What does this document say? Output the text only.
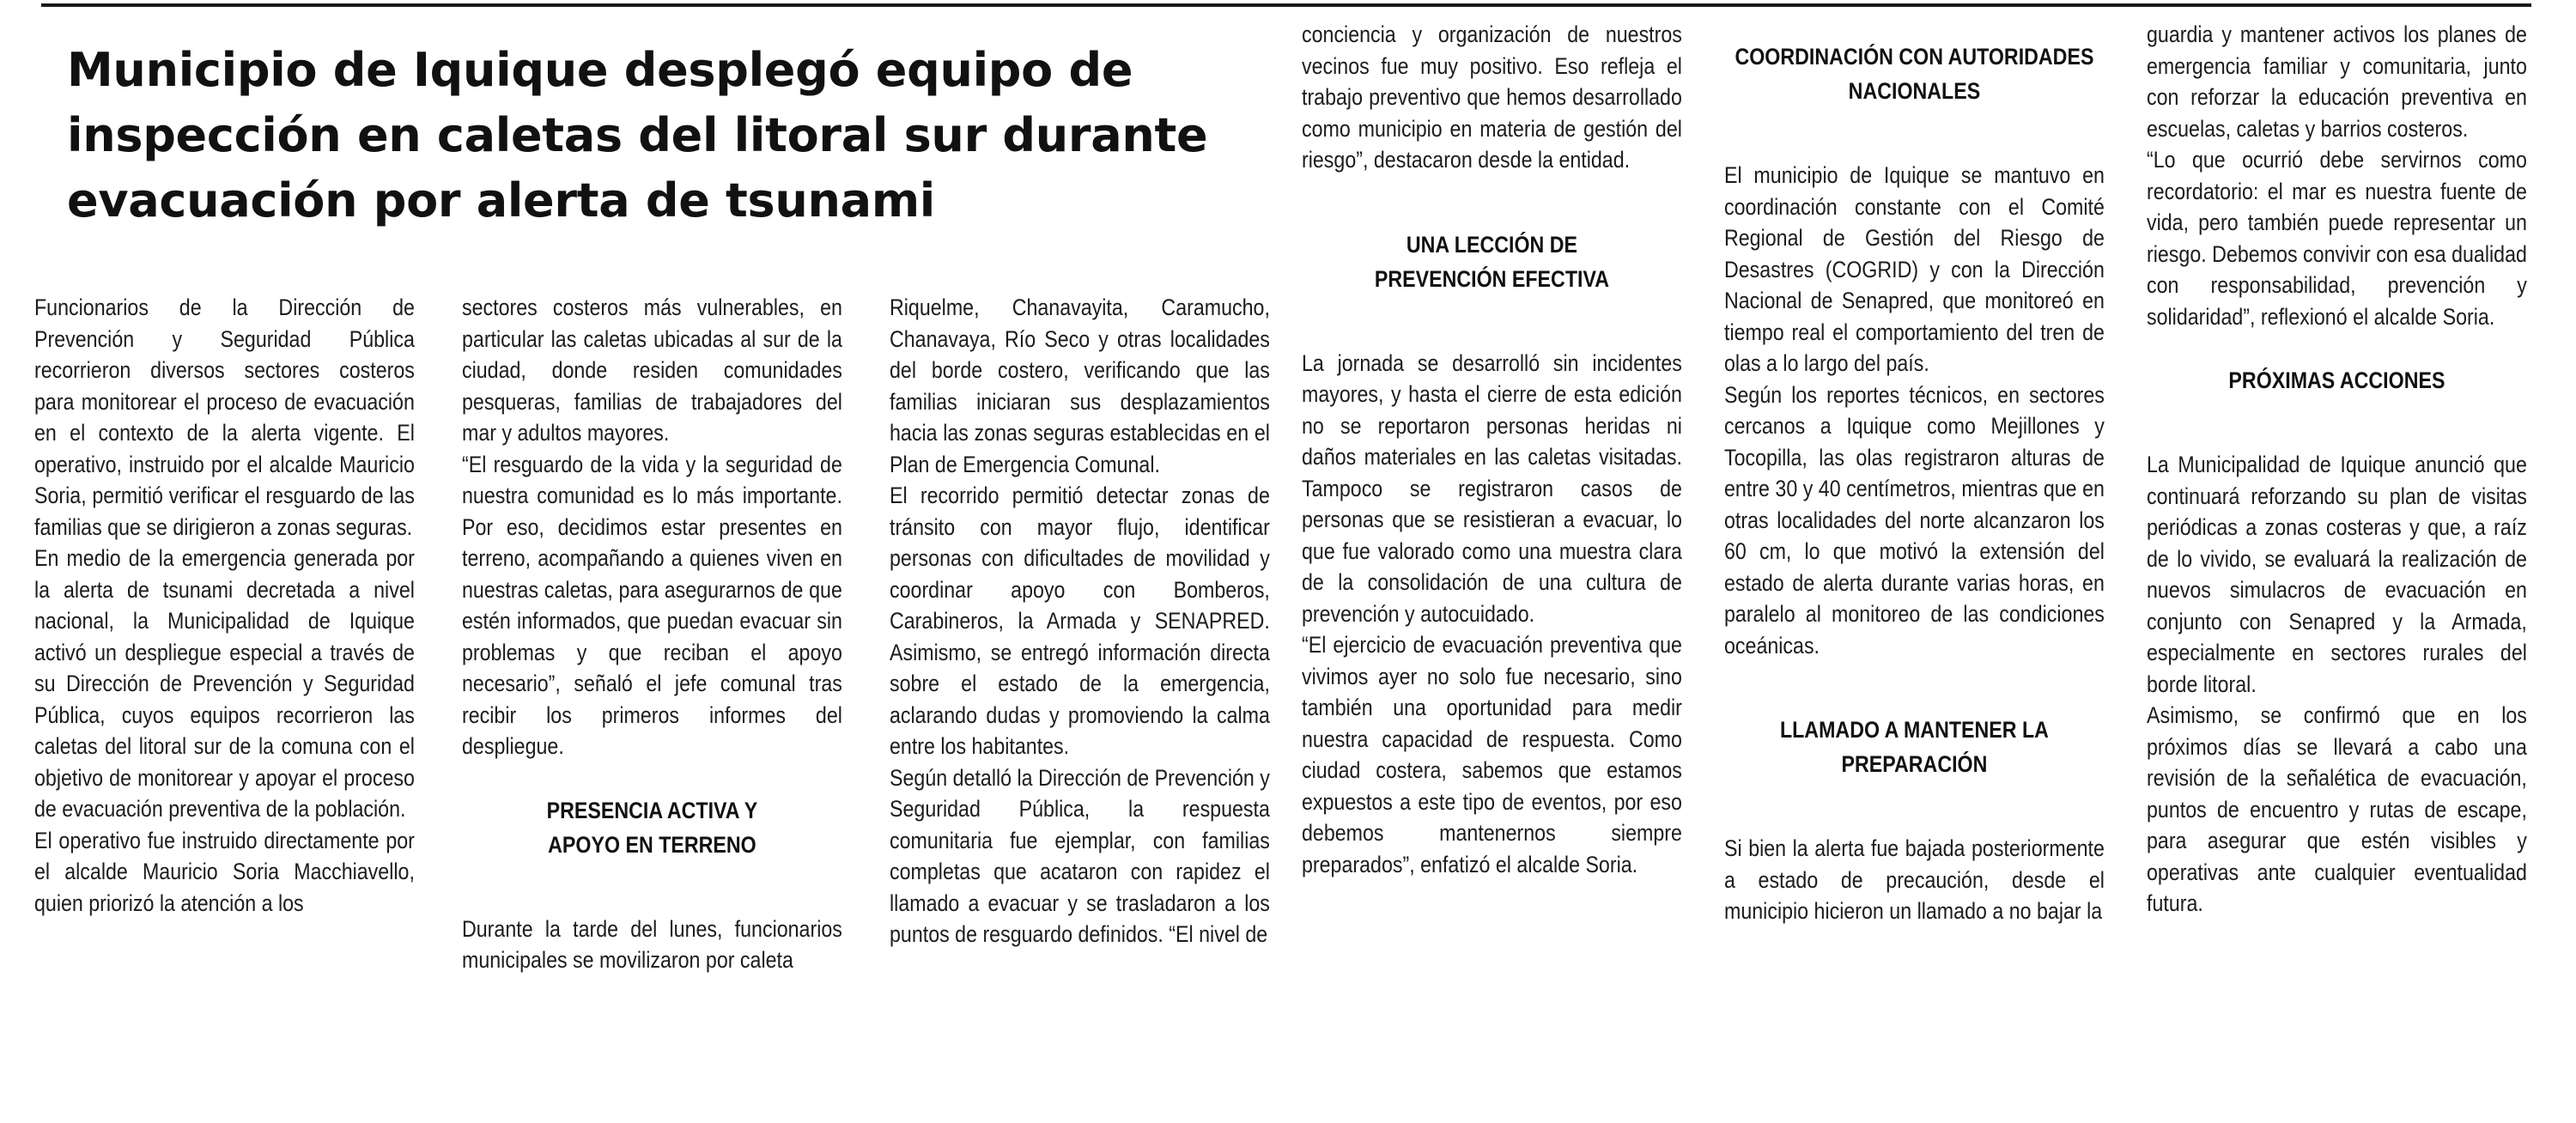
Municipio de Iquique desplegó equipo de inspección en caletas del litoral sur durante evacuación por alerta de tsunami

Funcionarios de la Dirección de Prevención y Seguridad Pública recorrieron diversos sectores costeros para monitorear el proceso de evacuación en el contexto de la alerta vigente. El operativo, instruido por el alcalde Mauricio Soria, permitió verificar el resguardo de las familias que se dirigieron a zonas seguras.

En medio de la emergencia generada por la alerta de tsunami decretada a nivel nacional, la Municipalidad de Iquique activó un despliegue especial a través de su Dirección de Prevención y Seguridad Pública, cuyos equipos recorrieron las caletas del litoral sur de la comuna con el objetivo de monitorear y apoyar el proceso de evacuación preventiva de la población.

El operativo fue instruido directamente por el alcalde Mauricio Soria Macchiavello, quien priorizó la atención a los

sectores costeros más vulnerables, en particular las caletas ubicadas al sur de la ciudad, donde residen comunidades pesqueras, familias de trabajadores del mar y adultos mayores.

“El resguardo de la vida y la seguridad de nuestra comunidad es lo más importante. Por eso, decidimos estar presentes en terreno, acompañando a quienes viven en nuestras caletas, para asegurarnos de que estén informados, que puedan evacuar sin problemas y que reciban el apoyo necesario”, señaló el jefe comunal tras recibir los primeros informes del despliegue.

PRESENCIA ACTIVA Y
APOYO EN TERRENO

Durante la tarde del lunes, funcionarios municipales se movilizaron por caleta

Riquelme, Chanavayita, Caramucho, Chanavaya, Río Seco y otras localidades del borde costero, verificando que las familias iniciaran sus desplazamientos hacia las zonas seguras establecidas en el Plan de Emergencia Comunal.

El recorrido permitió detectar zonas de tránsito con mayor flujo, identificar personas con dificultades de movilidad y coordinar apoyo con Bomberos, Carabineros, la Armada y SENAPRED. Asimismo, se entregó información directa sobre el estado de la emergencia, aclarando dudas y promoviendo la calma entre los habitantes.

Según detalló la Dirección de Prevención y Seguridad Pública, la respuesta comunitaria fue ejemplar, con familias completas que acataron con rapidez el llamado a evacuar y se trasladaron a los puntos de resguardo definidos. “El nivel de

conciencia y organización de nuestros vecinos fue muy positivo. Eso refleja el trabajo preventivo que hemos desarrollado como municipio en materia de gestión del riesgo”, destacaron desde la entidad.

UNA LECCIÓN DE
PREVENCIÓN EFECTIVA

La jornada se desarrolló sin incidentes mayores, y hasta el cierre de esta edición no se reportaron personas heridas ni daños materiales en las caletas visitadas. Tampoco se registraron casos de personas que se resistieran a evacuar, lo que fue valorado como una muestra clara de la consolidación de una cultura de prevención y autocuidado.

“El ejercicio de evacuación preventiva que vivimos ayer no solo fue necesario, sino también una oportunidad para medir nuestra capacidad de respuesta. Como ciudad costera, sabemos que estamos expuestos a este tipo de eventos, por eso debemos mantenernos siempre preparados”, enfatizó el alcalde Soria.

COORDINACIÓN CON AUTORIDADES
NACIONALES

El municipio de Iquique se mantuvo en coordinación constante con el Comité Regional de Gestión del Riesgo de Desastres (COGRID) y con la Dirección Nacional de Senapred, que monitoreó en tiempo real el comportamiento del tren de olas a lo largo del país.

Según los reportes técnicos, en sectores cercanos a Iquique como Mejillones y Tocopilla, las olas registraron alturas de entre 30 y 40 centímetros, mientras que en otras localidades del norte alcanzaron los 60 cm, lo que motivó la extensión del estado de alerta durante varias horas, en paralelo al monitoreo de las condiciones oceánicas.

LLAMADO A MANTENER LA
PREPARACIÓN

Si bien la alerta fue bajada posteriormente a estado de precaución, desde el municipio hicieron un llamado a no bajar la

guardia y mantener activos los planes de emergencia familiar y comunitaria, junto con reforzar la educación preventiva en escuelas, caletas y barrios costeros.

“Lo que ocurrió debe servirnos como recordatorio: el mar es nuestra fuente de vida, pero también puede representar un riesgo. Debemos convivir con esa dualidad con responsabilidad, prevención y solidaridad”, reflexionó el alcalde Soria.

PRÓXIMAS ACCIONES

La Municipalidad de Iquique anunció que continuará reforzando su plan de visitas periódicas a zonas costeras y que, a raíz de lo vivido, se evaluará la realización de nuevos simulacros de evacuación en conjunto con Senapred y la Armada, especialmente en sectores rurales del borde litoral.

Asimismo, se confirmó que en los próximos días se llevará a cabo una revisión de la señalética de evacuación, puntos de encuentro y rutas de escape, para asegurar que estén visibles y operativas ante cualquier eventualidad futura.
